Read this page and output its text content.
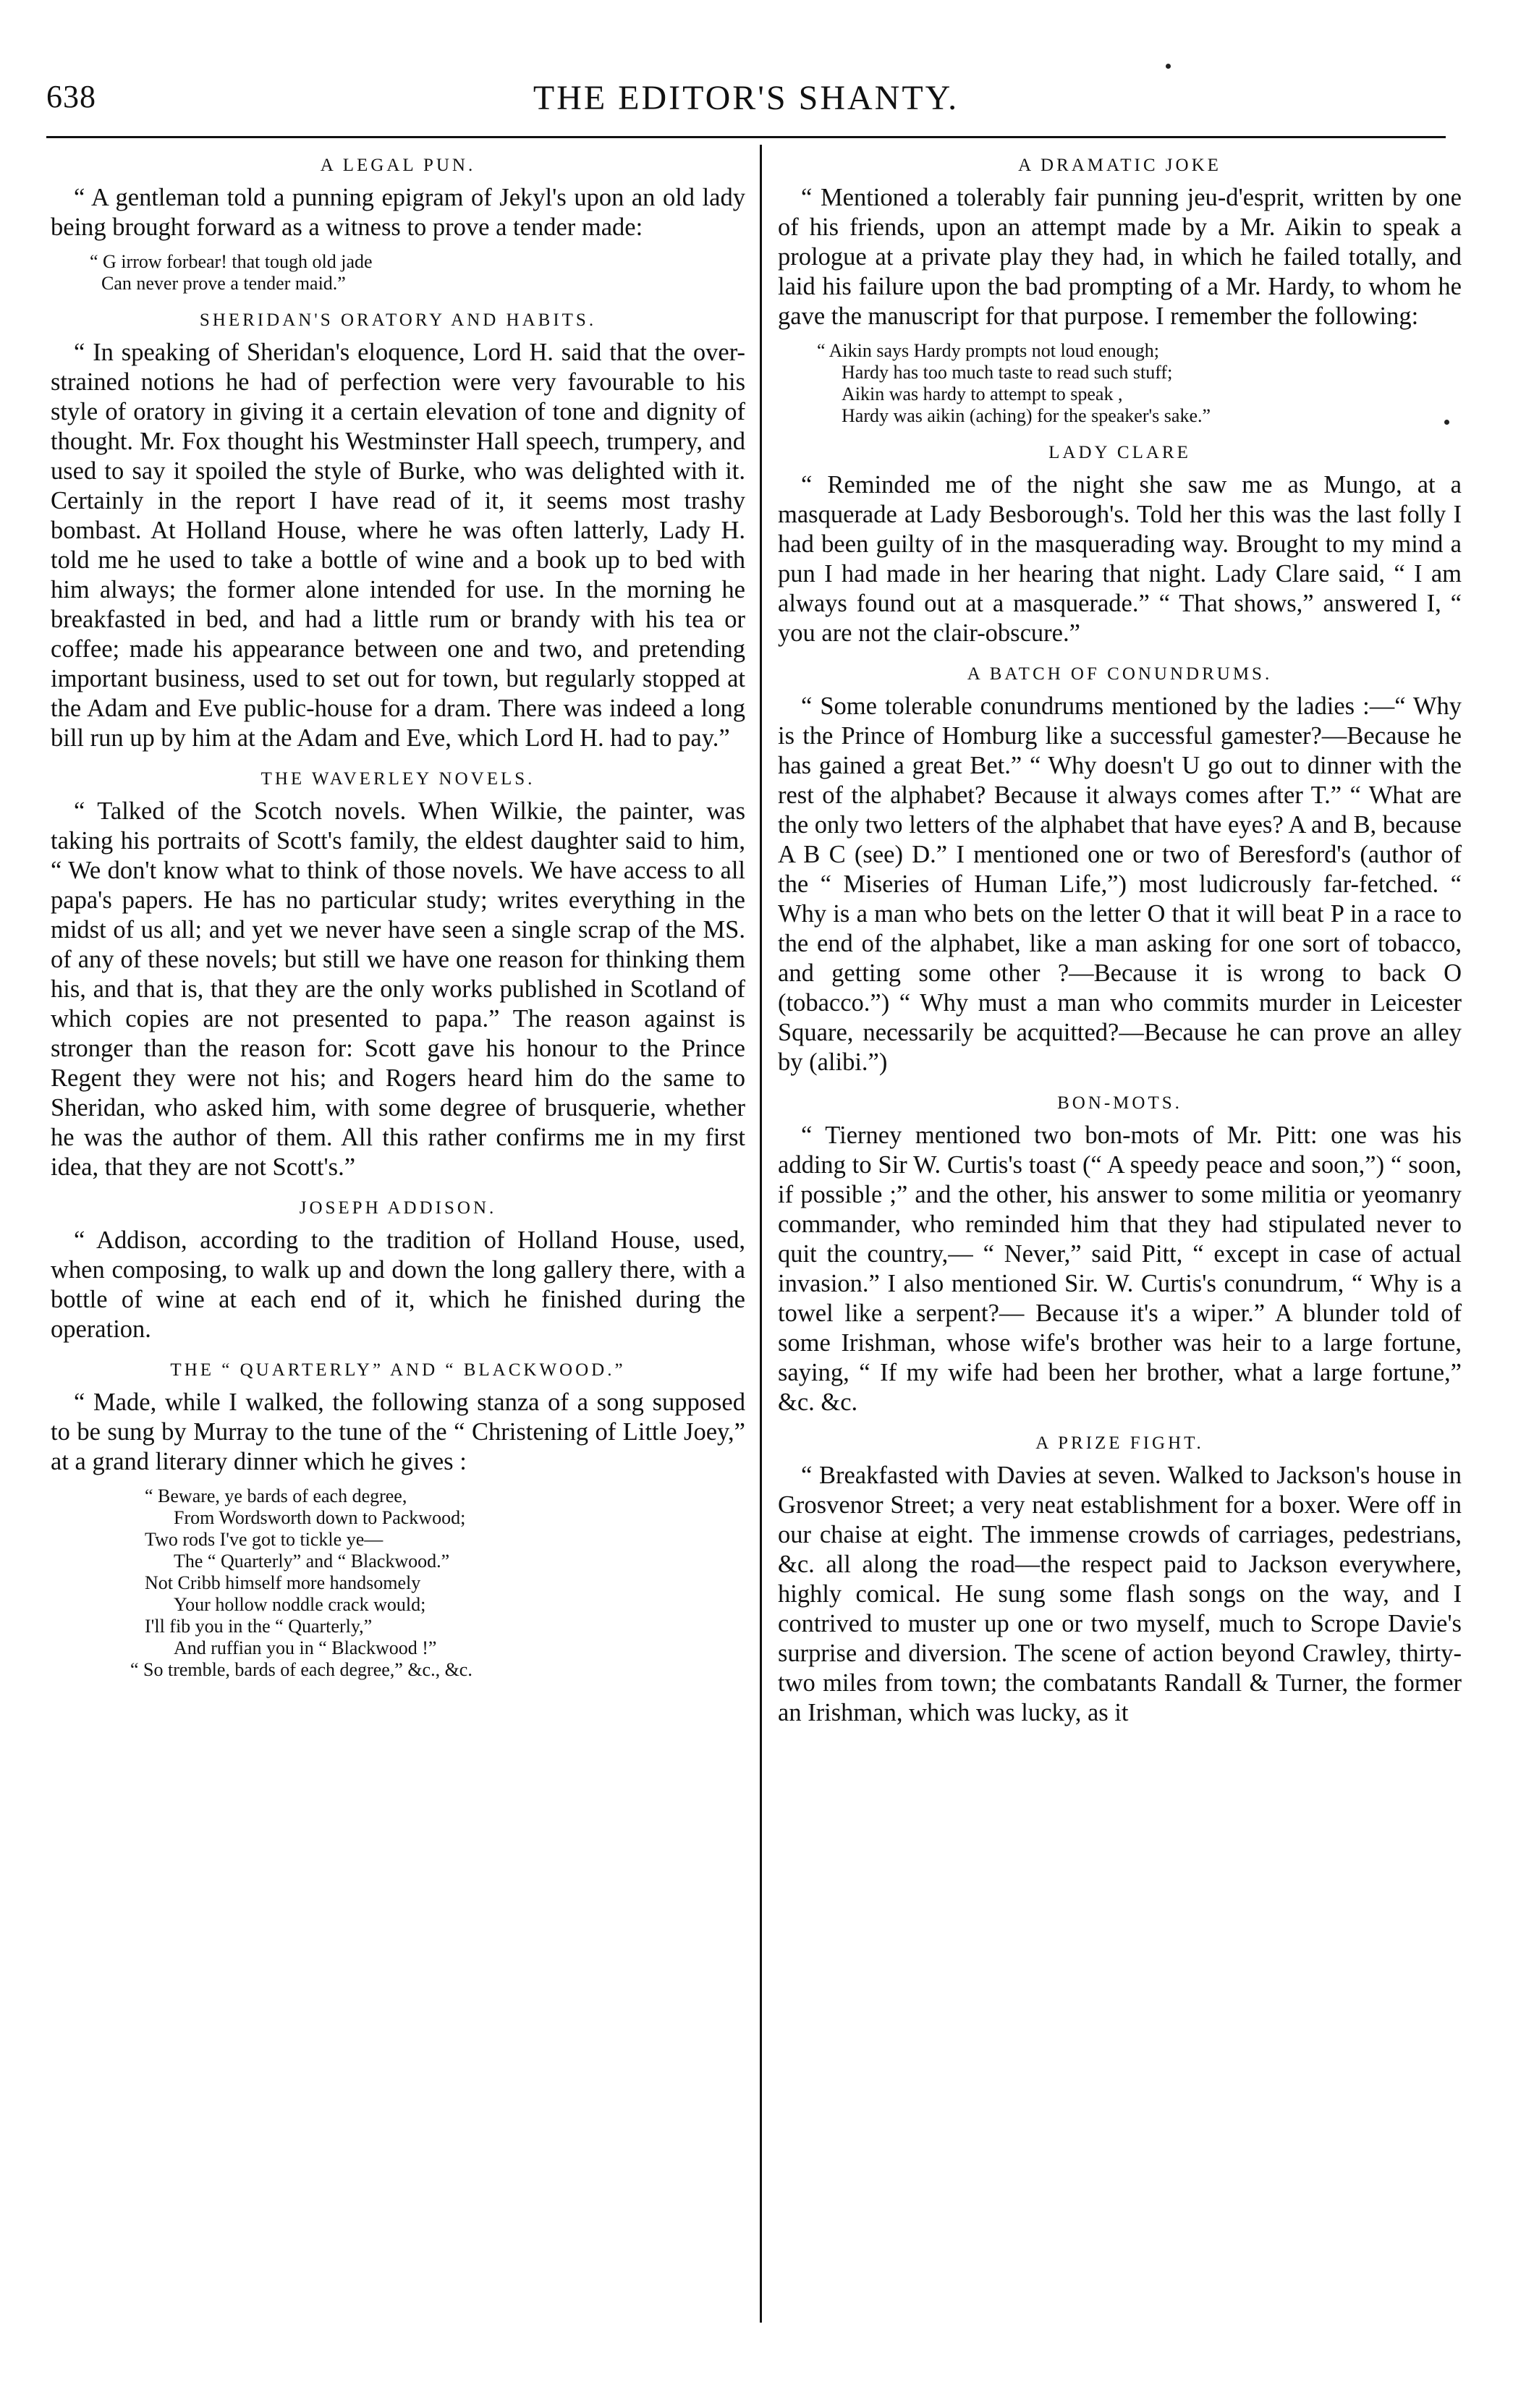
638	THE EDITOR'S SHANTY.
A LEGAL PUN.

“ A gentleman told a punning epigram of Jekyl's upon an old lady being brought forward as a witness to prove a tender made:

“ G irrow forbear! that tough old jade

Can never prove a tender maid.”

SHERIDAN'S ORATORY AND HABITS.

“ In speaking of Sheridan's eloquence, Lord H. said that the over-strained notions he had of perfection were very favourable to his style of oratory in giving it a certain elevation of tone and dignity of thought. Mr. Fox thought his Westminster Hall speech, trumpery, and used to say it spoiled the style of Burke, who was delighted with it. Certainly in the report I have read of it, it seems most trashy bombast. At Holland House, where he was often latterly, Lady H. told me he used to take a bottle of wine and a book up to bed with him always; the former alone intended for use. In the morning he breakfasted in bed, and had a little rum or brandy with his tea or coffee; made his appearance between one and two, and pretending important business, used to set out for town, but regularly stopped at the Adam and Eve public-house for a dram. There was indeed a long bill run up by him at the Adam and Eve, which Lord H. had to pay.”

THE WAVERLEY NOVELS.

“ Talked of the Scotch novels. When Wilkie, the painter, was taking his portraits of Scott's family, the eldest daughter said to him, “ We don't know what to think of those novels. We have access to all papa's papers. He has no particular study; writes everything in the midst of us all; and yet we never have seen a single scrap of the MS. of any of these novels; but still we have one reason for thinking them his, and that is, that they are the only works published in Scotland of which copies are not presented to papa.” The reason against is stronger than the reason for: Scott gave his honour to the Prince Regent they were not his; and Rogers heard him do the same to Sheridan, who asked him, with some degree of brusquerie, whether he was the author of them. All this rather confirms me in my first idea, that they are not Scott's.”

JOSEPH ADDISON.

“ Addison, according to the tradition of Holland House, used, when composing, to walk up and down the long gallery there, with a bottle of wine at each end of it, which he finished during the operation.

THE “ QUARTERLY” AND “ BLACKWOOD.”

“ Made, while I walked, the following stanza of a song supposed to be sung by Murray to the tune of the “ Christening of Little Joey,” at a grand literary dinner which he gives :

“ Beware, ye bards of each degree,

From Wordsworth down to Packwood;

Two rods I've got to tickle ye—

The “ Quarterly” and “ Blackwood.”

Not Cribb himself more handsomely

Your hollow noddle crack would;

I'll fib you in the “ Quarterly,”

And ruffian you in “ Blackwood !”

“ So tremble, bards of each degree,” &c., &c.

A DRAMATIC JOKE

“ Mentioned a tolerably fair punning jeu-d'esprit, written by one of his friends, upon an attempt made by a Mr. Aikin to speak a prologue at a private play they had, in which he failed totally, and laid his failure upon the bad prompting of a Mr. Hardy, to whom he gave the manuscript for that purpose. I remember the following:

“ Aikin says Hardy prompts not loud enough;

Hardy has too much taste to read such stuff;

Aikin was hardy to attempt to speak ,

Hardy was aikin (aching) for the speaker's sake.”

LADY CLARE

“ Reminded me of the night she saw me as Mungo, at a masquerade at Lady Besborough's. Told her this was the last folly I had been guilty of in the masquerading way. Brought to my mind a pun I had made in her hearing that night. Lady Clare said, “ I am always found out at a masquerade.” “ That shows,” answered I, “ you are not the clair-obscure.”

A BATCH OF CONUNDRUMS.

“ Some tolerable conundrums mentioned by the ladies :—“ Why is the Prince of Homburg like a successful gamester?—Because he has gained a great Bet.” “ Why doesn't U go out to dinner with the rest of the alphabet? Because it always comes after T.” “ What are the only two letters of the alphabet that have eyes? A and B, because A B C (see) D.” I mentioned one or two of Beresford's (author of the “ Miseries of Human Life,”) most ludicrously far-fetched. “ Why is a man who bets on the letter O that it will beat P in a race to the end of the alphabet, like a man asking for one sort of tobacco, and getting some other ?—Because it is wrong to back O (tobacco.”) “ Why must a man who commits murder in Leicester Square, necessarily be acquitted?—Because he can prove an alley by (alibi.”)

BON-MOTS.

“ Tierney mentioned two bon-mots of Mr. Pitt: one was his adding to Sir W. Curtis's toast (“ A speedy peace and soon,”) “ soon, if possible ;” and the other, his answer to some militia or yeomanry commander, who reminded him that they had stipulated never to quit the country,— “ Never,” said Pitt, “ except in case of actual invasion.” I also mentioned Sir. W. Curtis's conundrum, “ Why is a towel like a serpent?— Because it's a wiper.” A blunder told of some Irishman, whose wife's brother was heir to a large fortune, saying, “ If my wife had been her brother, what a large fortune,” &c. &c.

A PRIZE FIGHT.

“ Breakfasted with Davies at seven. Walked to Jackson's house in Grosvenor Street; a very neat establishment for a boxer. Were off in our chaise at eight. The immense crowds of carriages, pedestrians, &c. all along the road—the respect paid to Jackson everywhere, highly comical. He sung some flash songs on the way, and I contrived to muster up one or two myself, much to Scrope Davie's surprise and diversion. The scene of action beyond Crawley, thirty-two miles from town; the combatants Randall & Turner, the former an Irishman, which was lucky, as it
